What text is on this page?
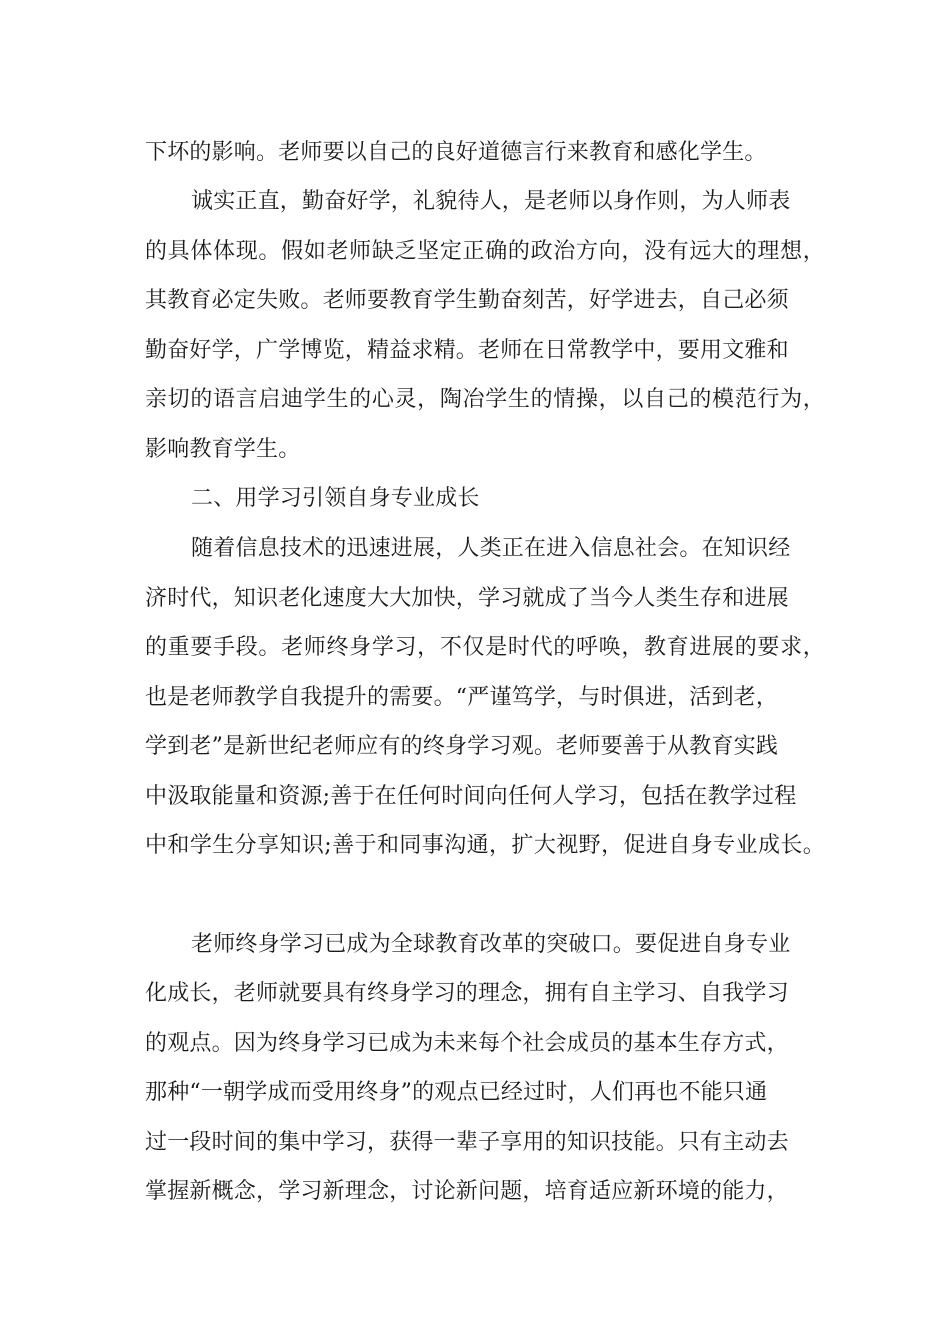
下坏的影响。老师要以自己的良好道德言行来教育和感化学生。
诚实正直，勤奋好学，礼貌待人，是老师以身作则，为人师表
的具体体现。假如老师缺乏坚定正确的政治方向，没有远大的理想，
其教育必定失败。老师要教育学生勤奋刻苦，好学进去，自己必须
勤奋好学，广学博览，精益求精。老师在日常教学中，要用文雅和
亲切的语言启迪学生的心灵，陶冶学生的情操，以自己的模范行为，
影响教育学生。
二、用学习引领自身专业成长
随着信息技术的迅速进展，人类正在进入信息社会。在知识经
济时代，知识老化速度大大加快，学习就成了当今人类生存和进展
的重要手段。老师终身学习，不仅是时代的呼唤，教育进展的要求，
也是老师教学自我提升的需要。“严谨笃学，与时俱进，活到老，
学到老”是新世纪老师应有的终身学习观。老师要善于从教育实践
中汲取能量和资源;善于在任何时间向任何人学习，包括在教学过程
中和学生分享知识;善于和同事沟通，扩大视野，促进自身专业成长。
老师终身学习已成为全球教育改革的突破口。要促进自身专业
化成长，老师就要具有终身学习的理念，拥有自主学习、自我学习
的观点。因为终身学习已成为未来每个社会成员的基本生存方式，
那种“一朝学成而受用终身”的观点已经过时，人们再也不能只通
过一段时间的集中学习，获得一辈子享用的知识技能。只有主动去
掌握新概念，学习新理念，讨论新问题，培育适应新环境的能力，
